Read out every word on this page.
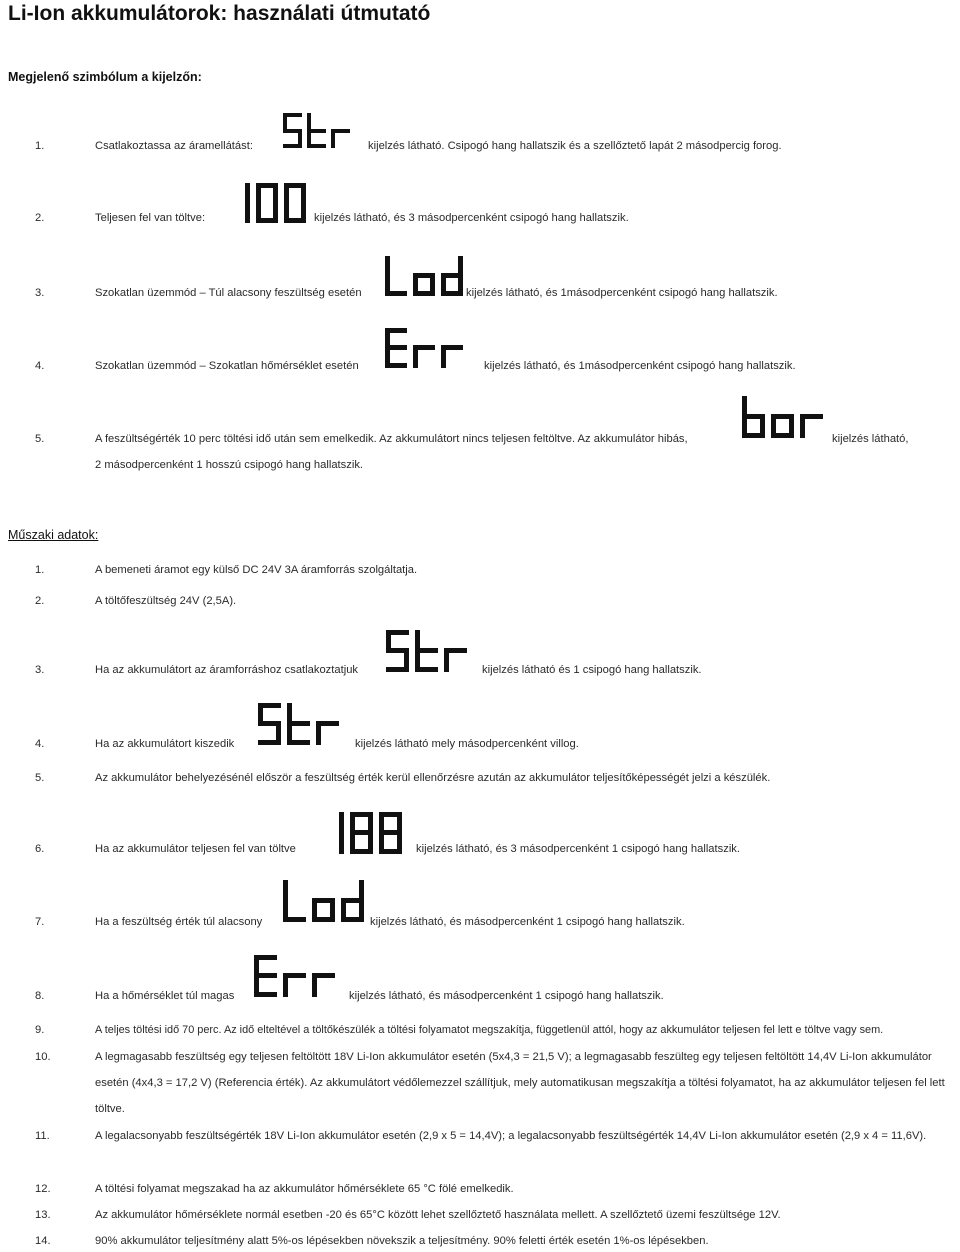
Li-Ion akkumulátorok: használati útmutató
Megjelenő szimbólum a kijelzőn:
1.	Csatlakoztassa az áramellátást:	kijelzés látható. Csipogó hang hallatszik és a szellőztető lapát 2 másodpercig forog.
2.	Teljesen fel van töltve:	kijelzés látható, és 3 másodpercenként csipogó hang hallatszik.
3.	Szokatlan üzemmód – Túl alacsony feszültség esetén	kijelzés látható, és 1másodpercenként csipogó hang hallatszik.
4.	Szokatlan üzemmód – Szokatlan hőmérséklet esetén	kijelzés látható, és 1másodpercenként csipogó hang hallatszik.
5.	A feszültségérték 10 perc töltési idő után sem emelkedik. Az akkumulátort nincs teljesen feltöltve. Az akkumulátor hibás,	kijelzés látható,
2 másodpercenként 1 hosszú csipogó hang hallatszik.
Műszaki adatok:
1.	A bemeneti áramot egy külső DC 24V 3A áramforrás szolgáltatja.
2.	A töltőfeszültség 24V (2,5A).
3.	Ha az akkumulátort az áramforráshoz csatlakoztatjuk	kijelzés látható és 1 csipogó hang hallatszik.
4.	Ha az akkumulátort kiszedik	kijelzés látható mely másodpercenként villog.
5.	Az akkumulátor behelyezésénél először a feszültség érték kerül ellenőrzésre azután az akkumulátor teljesítőképességét jelzi a készülék.
6.	Ha az akkumulátor teljesen fel van töltve	kijelzés látható, és 3 másodpercenként 1 csipogó hang hallatszik.
7.	Ha a feszültség érték túl alacsony	kijelzés látható, és másodpercenként 1 csipogó hang hallatszik.
8.	Ha a hőmérséklet túl magas	kijelzés látható, és másodpercenként 1 csipogó hang hallatszik.
9.	A teljes töltési idő 70 perc. Az idő elteltével a töltőkészülék a töltési folyamatot megszakítja, függetlenül attól, hogy az akkumulátor teljesen fel lett e töltve vagy sem.
10.	A legmagasabb feszültség egy teljesen feltöltött 18V Li-Ion akkumulátor esetén (5x4,3 = 21,5 V); a legmagasabb feszülteg egy teljesen feltöltött 14,4V Li-Ion akkumulátor esetén (4x4,3 = 17,2 V) (Referencia érték). Az akkumulátort védőlemezzel szállítjuk, mely automatikusan megszakítja a töltési folyamatot, ha az akkumulátor teljesen fel lett töltve.
11.	A legalacsonyabb feszültségérték 18V Li-Ion akkumulátor esetén (2,9 x 5 = 14,4V); a legalacsonyabb feszültségérték 14,4V Li-Ion akkumulátor esetén (2,9 x 4 = 11,6V).
12.	A töltési folyamat megszakad ha az akkumulátor hőmérséklete 65 °C fölé emelkedik.
13.	Az akkumulátor hőmérséklete normál esetben -20 és 65°C között lehet szellőztető használata mellett. A szellőztető üzemi feszültsége 12V.
14.	90% akkumulátor teljesítmény alatt 5%-os lépésekben növekszik a teljesítmény. 90% feletti érték esetén 1%-os lépésekben.
